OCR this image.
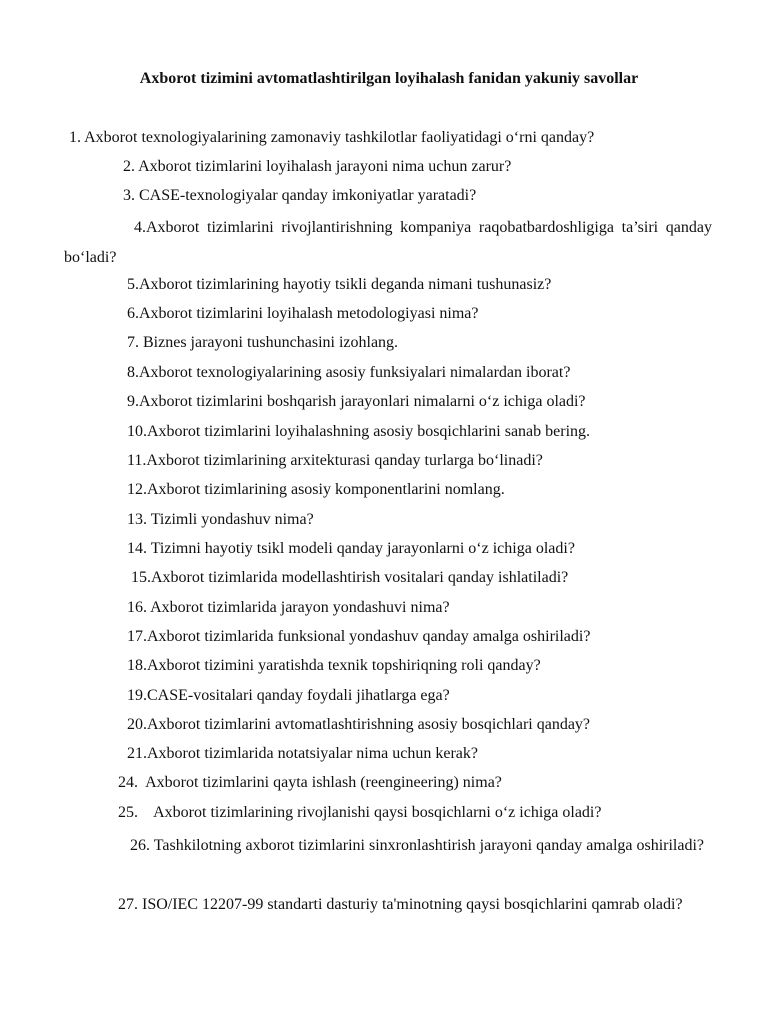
Axborot tizimini avtomatlashtirilgan loyihalash fanidan yakuniy savollar
1. Axborot texnologiyalarining zamonaviy tashkilotlar faoliyatidagi o‘rni qanday?
2. Axborot tizimlarini loyihalash jarayoni nima uchun zarur?
3. CASE-texnologiyalar qanday imkoniyatlar yaratadi?
4.Axborot tizimlarini rivojlantirishning kompaniya raqobatbardoshligiga ta’siri qanday bo‘ladi?
5.Axborot tizimlarining hayotiy tsikli deganda nimani tushunasiz?
6.Axborot tizimlarini loyihalash metodologiyasi nima?
7. Biznes jarayoni tushunchasini izohlang.
8.Axborot texnologiyalarining asosiy funksiyalari nimalardan iborat?
9.Axborot tizimlarini boshqarish jarayonlari nimalarni o‘z ichiga oladi?
10.Axborot tizimlarini loyihalashning asosiy bosqichlarini sanab bering.
11.Axborot tizimlarining arxitekturasi qanday turlarga bo‘linadi?
12.Axborot tizimlarining asosiy komponentlarini nomlang.
13. Tizimli yondashuv nima?
14. Tizimni hayotiy tsikl modeli qanday jarayonlarni o‘z ichiga oladi?
15.Axborot tizimlarida modellashtirish vositalari qanday ishlatiladi?
16. Axborot tizimlarida jarayon yondashuvi nima?
17.Axborot tizimlarida funksional yondashuv qanday amalga oshiriladi?
18.Axborot tizimini yaratishda texnik topshiriqning roli qanday?
19.CASE-vositalari qanday foydali jihatlarga ega?
20.Axborot tizimlarini avtomatlashtirishning asosiy bosqichlari qanday?
21.Axborot tizimlarida notatsiyalar nima uchun kerak?
24.  Axborot tizimlarini qayta ishlash (reengineering) nima?
25.    Axborot tizimlarining rivojlanishi qaysi bosqichlarni o‘z ichiga oladi?
26. Tashkilotning axborot tizimlarini sinxronlashtirish jarayoni qanday amalga oshiriladi?
27. ISO/IEC 12207-99 standarti dasturiy ta'minotning qaysi bosqichlarini qamrab oladi?
